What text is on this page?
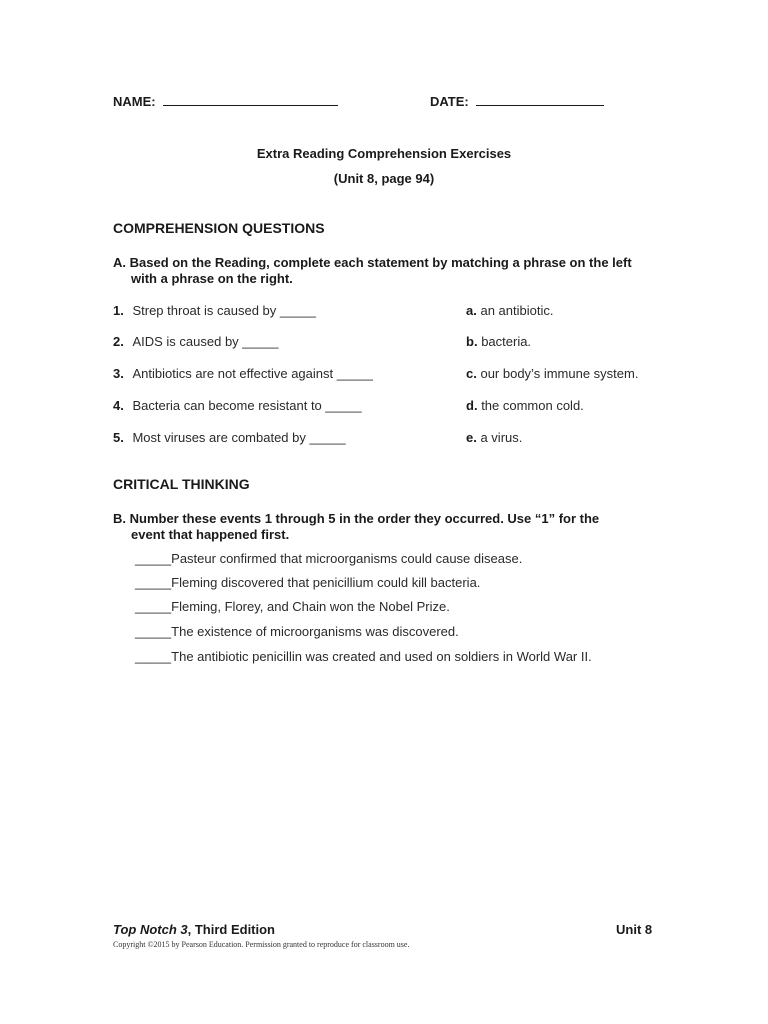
NAME:	DATE:
Extra Reading Comprehension Exercises
(Unit 8, page 94)
COMPREHENSION QUESTIONS
A. Based on the Reading, complete each statement by matching a phrase on the left
with a phrase on the right.
1. Strep throat is caused by _____
2. AIDS is caused by _____
3. Antibiotics are not effective against _____
4. Bacteria can become resistant to _____
5. Most viruses are combated by _____
a. an antibiotic.
b. bacteria.
c. our body’s immune system.
d. the common cold.
e. a virus.
CRITICAL THINKING
B. Number these events 1 through 5 in the order they occurred. Use “1” for the
event that happened first.
_____Pasteur confirmed that microorganisms could cause disease.
_____Fleming discovered that penicillium could kill bacteria.
_____Fleming, Florey, and Chain won the Nobel Prize.
_____The existence of microorganisms was discovered.
_____The antibiotic penicillin was created and used on soldiers in World War II.
Top Notch 3, Third Edition	Unit 8
Copyright ©2015 by Pearson Education. Permission granted to reproduce for classroom use.
